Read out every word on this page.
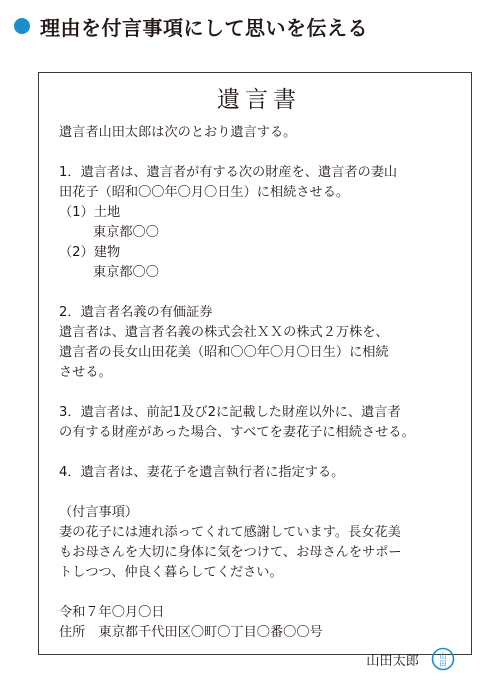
理由を付言事項にして思いを伝える
遺言書
遺言者山田太郎は次のとおり遺言する。
1．遺言者は、遺言者が有する次の財産を、遺言者の妻山
田花子（昭和〇〇年〇月〇日生）に相続させる。
（1）土地
東京都〇〇
（2）建物
東京都〇〇
2．遺言者名義の有価証券
遺言者は、遺言者名義の株式会社ＸＸの株式２万株を、
遺言者の長女山田花美（昭和〇〇年〇月〇日生）に相続
させる。
3．遺言者は、前記1及び2に記載した財産以外に、遺言者
の有する財産があった場合、すべてを妻花子に相続させる。
4．遺言者は、妻花子を遺言執行者に指定する。
（付言事項）
妻の花子には連れ添ってくれて感謝しています。長女花美
もお母さんを大切に身体に気をつけて、お母さんをサポー
トしつつ、仲良く暮らしてください。
令和７年〇月〇日
住所　東京都千代田区〇町〇丁目〇番〇〇号
山田太郎	山
田
